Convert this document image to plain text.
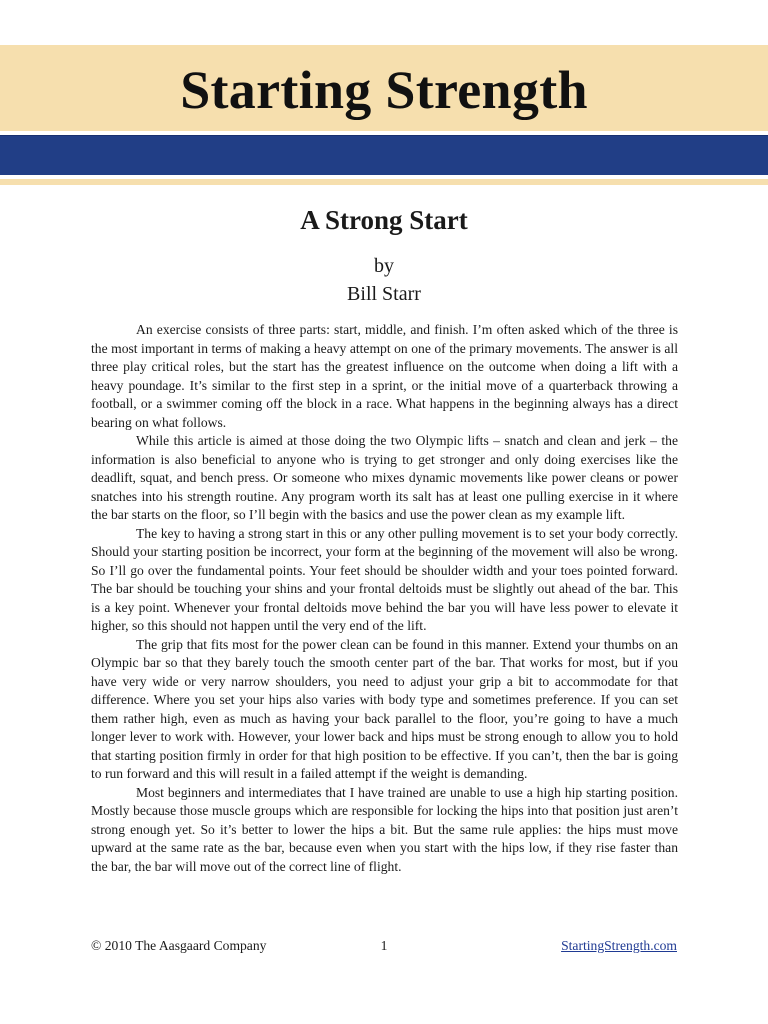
Starting Strength
A Strong Start
by
Bill Starr

An exercise consists of three parts: start, middle, and finish. I’m often asked which of the three is the most important in terms of making a heavy attempt on one of the primary movements. The answer is all three play critical roles, but the start has the greatest influence on the outcome when doing a lift with a heavy poundage. It’s similar to the first step in a sprint, or the initial move of a quarterback throwing a football, or a swimmer coming off the block in a race. What happens in the beginning always has a direct bearing on what follows.

While this article is aimed at those doing the two Olympic lifts – snatch and clean and jerk – the information is also beneficial to anyone who is trying to get stronger and only doing exercises like the deadlift, squat, and bench press. Or someone who mixes dynamic movements like power cleans or power snatches into his strength routine. Any program worth its salt has at least one pulling exercise in it where the bar starts on the floor, so I’ll begin with the basics and use the power clean as my example lift.

The key to having a strong start in this or any other pulling movement is to set your body correctly. Should your starting position be incorrect, your form at the beginning of the movement will also be wrong. So I’ll go over the fundamental points. Your feet should be shoulder width and your toes pointed forward. The bar should be touching your shins and your frontal deltoids must be slightly out ahead of the bar. This is a key point. Whenever your frontal deltoids move behind the bar you will have less power to elevate it higher, so this should not happen until the very end of the lift.

The grip that fits most for the power clean can be found in this manner. Extend your thumbs on an Olympic bar so that they barely touch the smooth center part of the bar. That works for most, but if you have very wide or very narrow shoulders, you need to adjust your grip a bit to accommodate for that difference. Where you set your hips also varies with body type and sometimes preference. If you can set them rather high, even as much as having your back parallel to the floor, you’re going to have a much longer lever to work with. However, your lower back and hips must be strong enough to allow you to hold that starting position firmly in order for that high position to be effective. If you can’t, then the bar is going to run forward and this will result in a failed attempt if the weight is demanding.

Most beginners and intermediates that I have trained are unable to use a high hip starting position. Mostly because those muscle groups which are responsible for locking the hips into that position just aren’t strong enough yet. So it’s better to lower the hips a bit. But the same rule applies: the hips must move upward at the same rate as the bar, because even when you start with the hips low, if they rise faster than the bar, the bar will move out of the correct line of flight.

© 2010 The Aasgaard Company	1	StartingStrength.com
